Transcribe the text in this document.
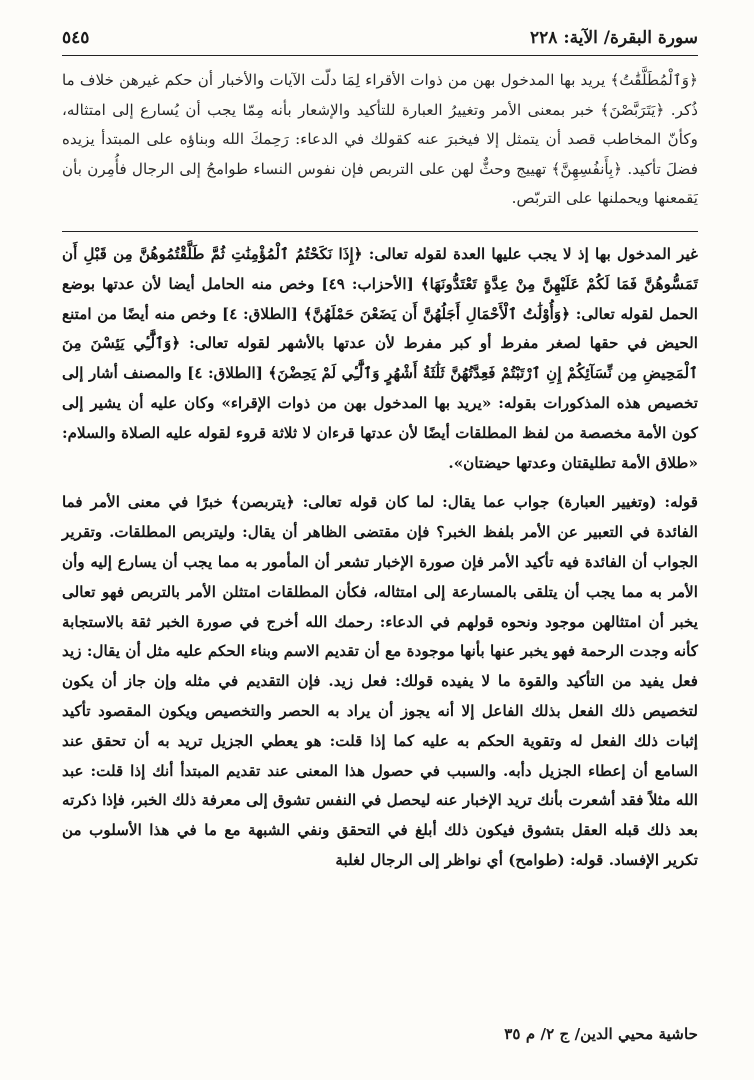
٥٤٥	سورة البقرة/ الآية: ٢٢٨

﴿وَٱلْمُطَلَّقَٰتُ﴾ يريد بها المدخول بهن من ذوات الأقراء لِمَا دلّت الآيات والأخبار أن حكم غيرهن خلاف ما ذُكر. ﴿يَتَرَبَّصْنَ﴾ خبر بمعنى الأمر وتغييرُ العبارة للتأكيد والإشعار بأنه مِمّا يجب أن يُسارع إلى امتثاله، وكأنّ المخاطب قصد أن يتمثل إلا فيخبرَ عنه كقولك في الدعاء: رَحِمكَ الله وبناؤه على المبتدأ يزيده فضلَ تأكيد. ﴿بِأَنفُسِهِنَّ﴾ تهييج وحثٌّ لهن على التربص فإن نفوس النساء طوامحُ إلى الرجال فأُمِرن بأن يَقمعنها ويحملنها على التربّص.

غير المدخول بها إذ لا يجب عليها العدة لقوله تعالى: ﴿إِذَا نَكَحْتُمُ ٱلْمُؤْمِنَٰتِ ثُمَّ طَلَّقْتُمُوهُنَّ مِن قَبْلِ أَن تَمَسُّوهُنَّ فَمَا لَكُمْ عَلَيْهِنَّ مِنْ عِدَّةٍ تَعْتَدُّونَهَا﴾ [الأحزاب: ٤٩] وخص منه الحامل أيضا لأن عدتها بوضع الحمل لقوله تعالى: ﴿وَأُوْلَٰتُ ٱلْأَحْمَالِ أَجَلُهُنَّ أَن يَضَعْنَ حَمْلَهُنَّ﴾ [الطلاق: ٤] وخص منه أيضًا من امتنع الحيض في حقها لصغر مفرط أو كبر مفرط لأن عدتها بالأشهر لقوله تعالى: ﴿وَٱلَّٰٓـِٔي يَئِسْنَ مِنَ ٱلْمَحِيضِ مِن نِّسَآئِكُمْ إِنِ ٱرْتَبْتُمْ فَعِدَّتُهُنَّ ثَلَٰثَةُ أَشْهُرٍ وَٱلَّٰٓـِٔي لَمْ يَحِضْنَ﴾ [الطلاق: ٤] والمصنف أشار إلى تخصيص هذه المذكورات بقوله: «يريد بها المدخول بهن من ذوات الإقراء» وكان عليه أن يشير إلى كون الأمة مخصصة من لفظ المطلقات أيضًا لأن عدتها قرءان لا ثلاثة قروء لقوله عليه الصلاة والسلام: «طلاق الأمة تطليقتان وعدتها حيضتان».

قوله: (وتغيير العبارة) جواب عما يقال: لما كان قوله تعالى: ﴿يتربصن﴾ خبرًا في معنى الأمر فما الفائدة في التعبير عن الأمر بلفظ الخبر؟ فإن مقتضى الظاهر أن يقال: وليتربص المطلقات. وتقرير الجواب أن الفائدة فيه تأكيد الأمر فإن صورة الإخبار تشعر أن المأمور به مما يجب أن يسارع إليه وأن الأمر به مما يجب أن يتلقى بالمسارعة إلى امتثاله، فكأن المطلقات امتثلن الأمر بالتربص فهو تعالى يخبر أن امتثالهن موجود ونحوه قولهم في الدعاء: رحمك الله أخرج في صورة الخبر ثقة بالاستجابة كأنه وجدت الرحمة فهو يخبر عنها بأنها موجودة مع أن تقديم الاسم وبناء الحكم عليه مثل أن يقال: زيد فعل يفيد من التأكيد والقوة ما لا يفيده قولك: فعل زيد. فإن التقديم في مثله وإن جاز أن يكون لتخصيص ذلك الفعل بذلك الفاعل إلا أنه يجوز أن يراد به الحصر والتخصيص ويكون المقصود تأكيد إثبات ذلك الفعل له وتقوية الحكم به عليه كما إذا قلت: هو يعطي الجزيل تريد به أن تحقق عند السامع أن إعطاء الجزيل دأبه. والسبب في حصول هذا المعنى عند تقديم المبتدأ أنك إذا قلت: عبد الله مثلاً فقد أشعرت بأنك تريد الإخبار عنه ليحصل في النفس تشوق إلى معرفة ذلك الخبر، فإذا ذكرته بعد ذلك قبله العقل بتشوق فيكون ذلك أبلغ في التحقق ونفي الشبهة مع ما في هذا الأسلوب من تكرير الإفساد. قوله: (طوامح) أي نواظر إلى الرجال لغلبة

حاشية محيي الدين/ ج ٢/ م ٣٥
